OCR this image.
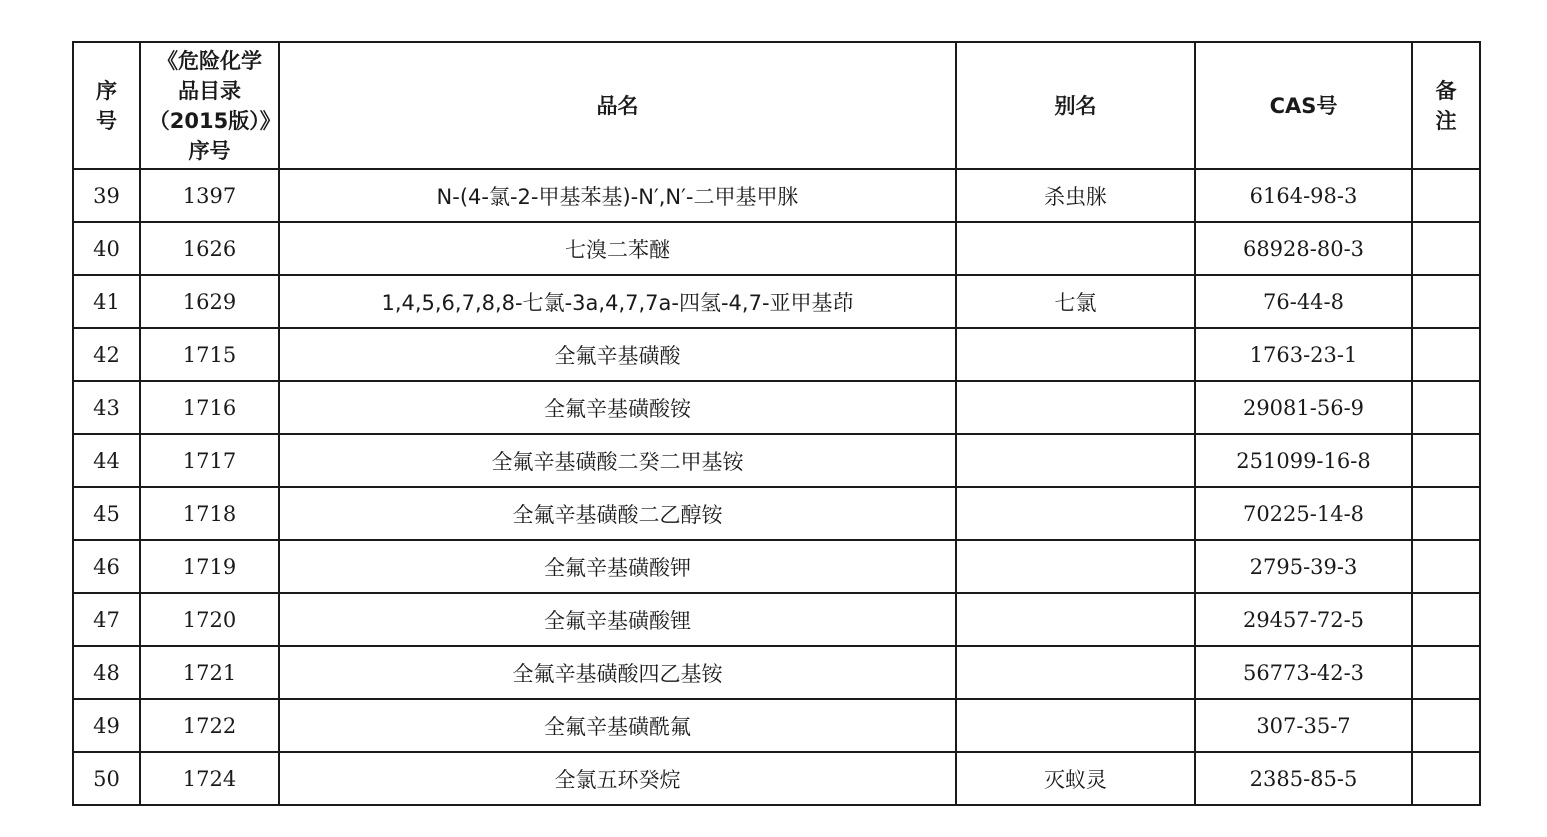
序号	《危险化学品目录（2015版）》序号	品名	别名	CAS号	备注
39	1397	N-(4-氯-2-甲基苯基)-N′,N′-二甲基甲脒	杀虫脒	6164-98-3	
40	1626	七溴二苯醚		68928-80-3	
41	1629	1,4,5,6,7,8,8-七氯-3a,4,7,7a-四氢-4,7-亚甲基茚	七氯	76-44-8	
42	1715	全氟辛基磺酸		1763-23-1	
43	1716	全氟辛基磺酸铵		29081-56-9	
44	1717	全氟辛基磺酸二癸二甲基铵		251099-16-8	
45	1718	全氟辛基磺酸二乙醇铵		70225-14-8	
46	1719	全氟辛基磺酸钾		2795-39-3	
47	1720	全氟辛基磺酸锂		29457-72-5	
48	1721	全氟辛基磺酸四乙基铵		56773-42-3	
49	1722	全氟辛基磺酰氟		307-35-7	
50	1724	全氯五环癸烷	灭蚁灵	2385-85-5	
